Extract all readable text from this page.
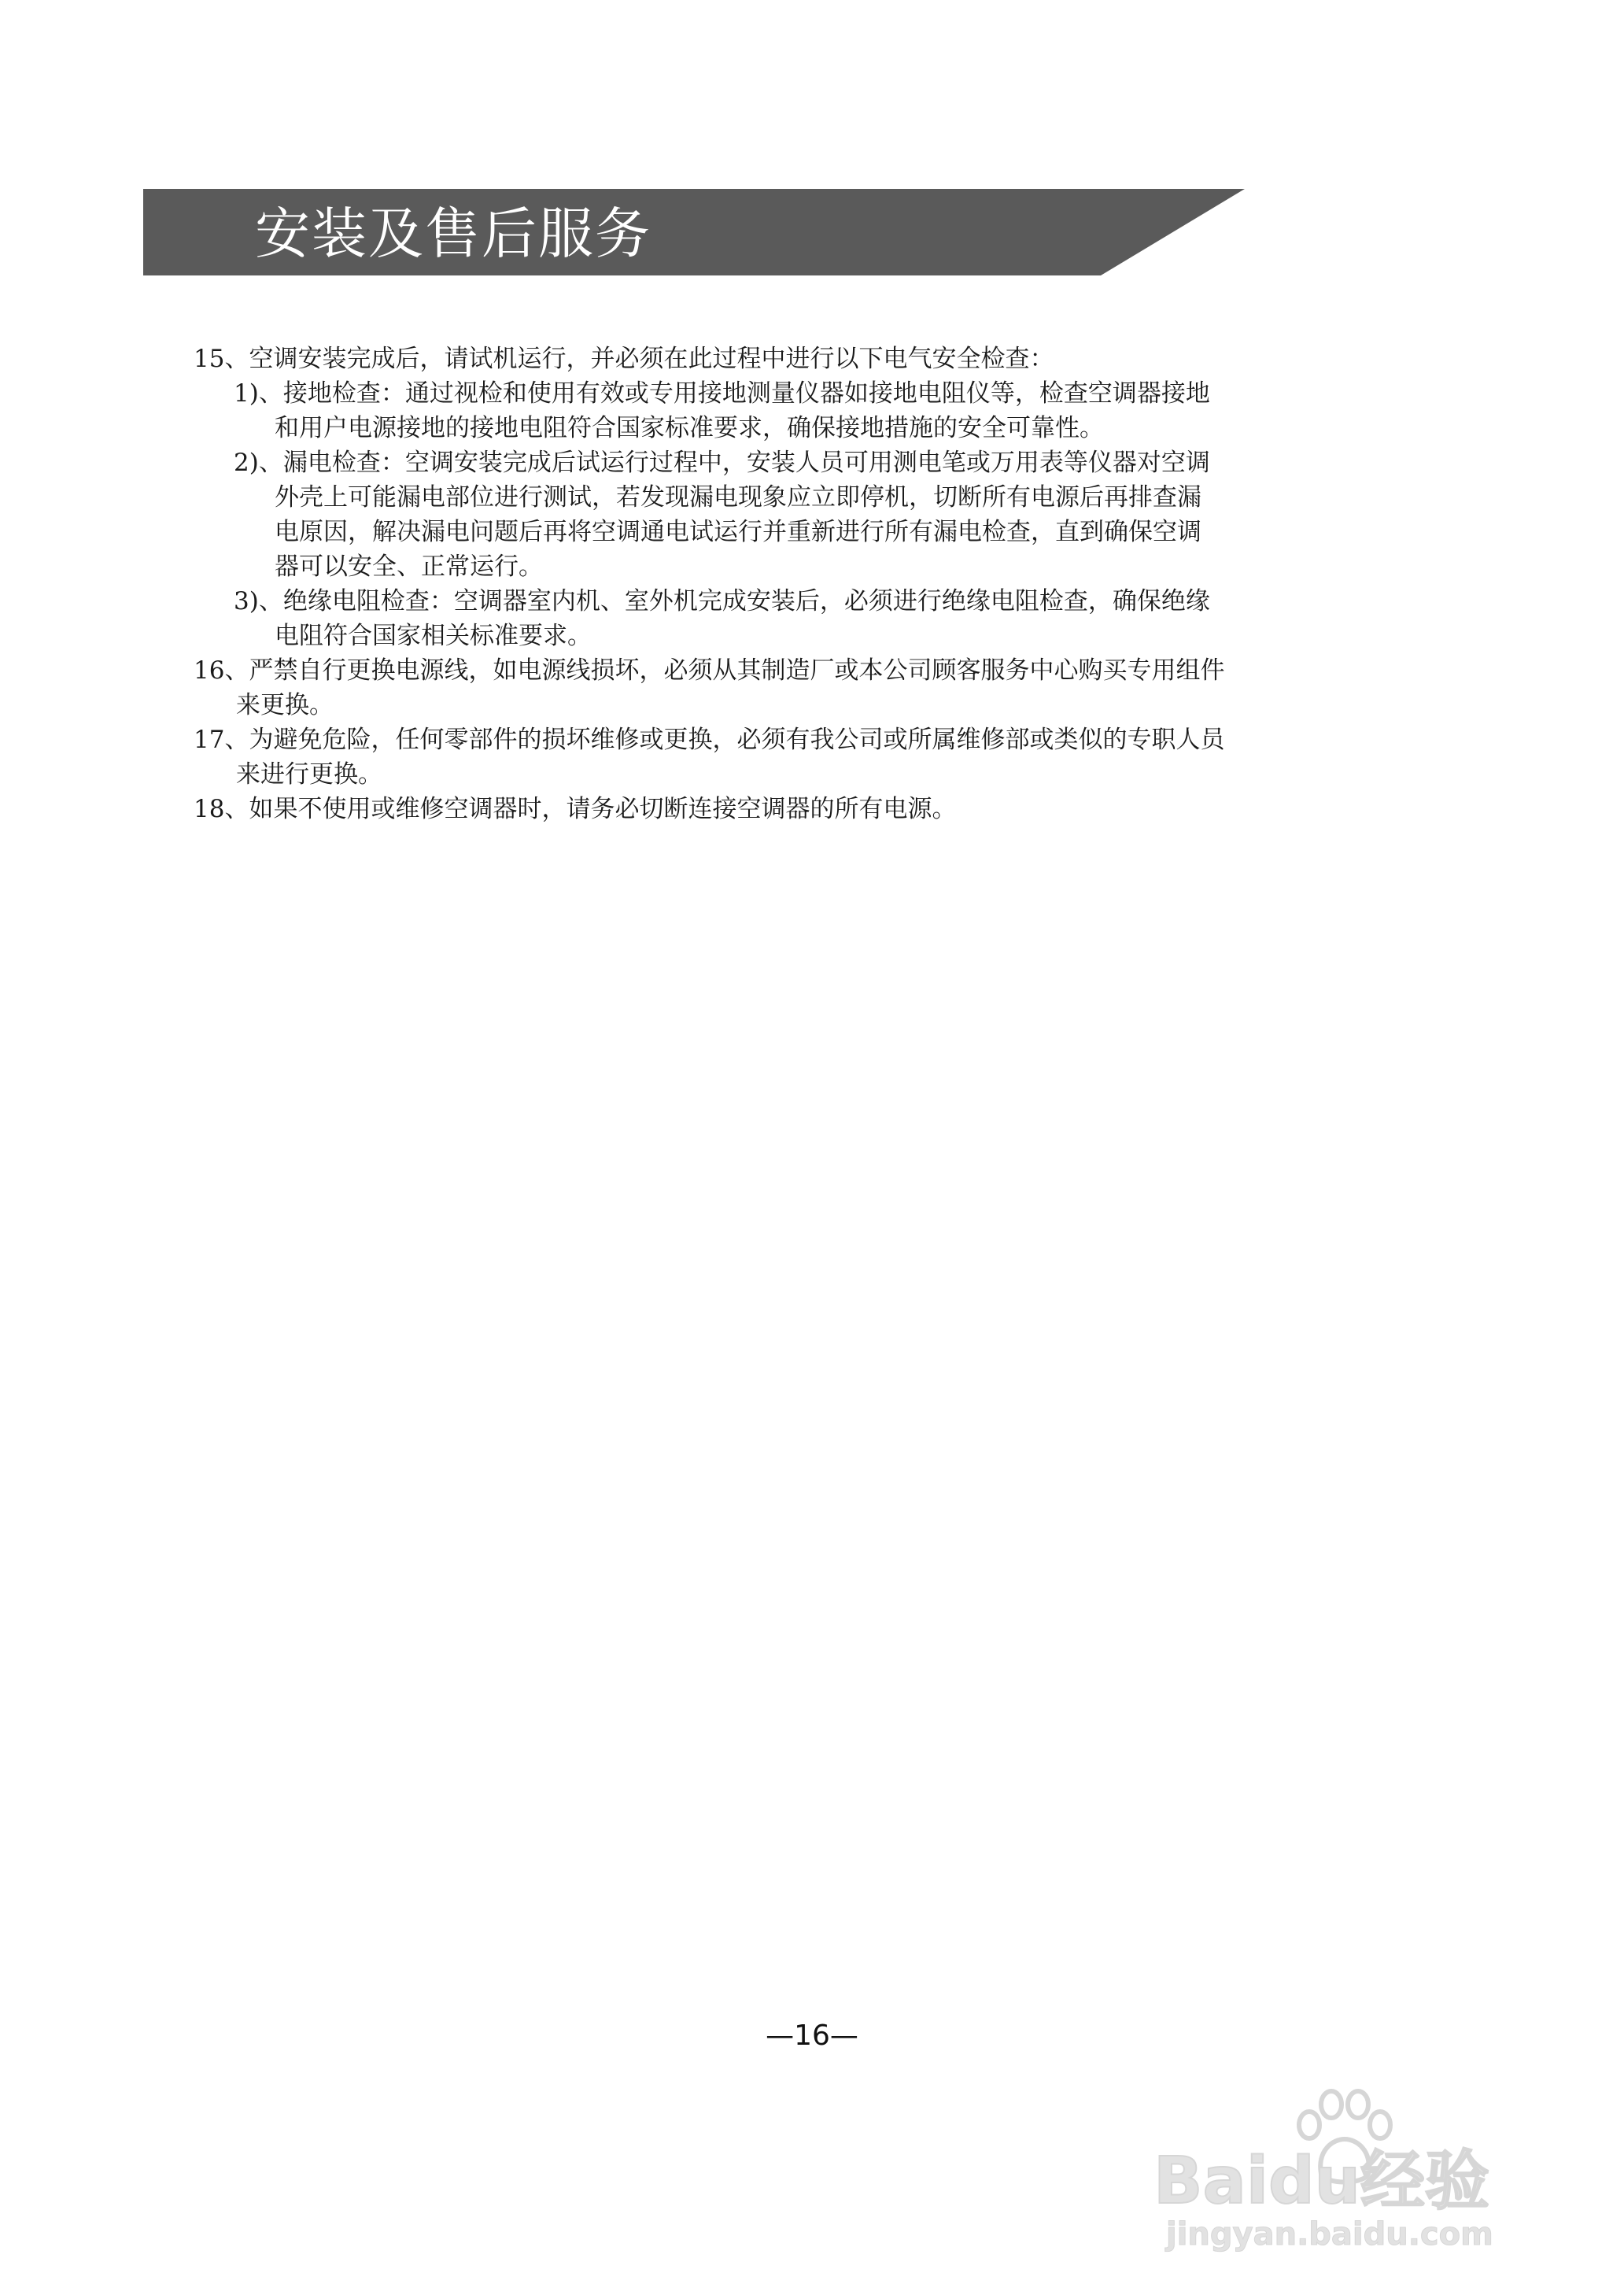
安装及售后服务

15、空调安装完成后，请试机运行，并必须在此过程中进行以下电气安全检查：

1)、接地检查：通过视检和使用有效或专用接地测量仪器如接地电阻仪等，检查空调器接地

和用户电源接地的接地电阻符合国家标准要求，确保接地措施的安全可靠性。

2)、漏电检查：空调安装完成后试运行过程中，安装人员可用测电笔或万用表等仪器对空调

外壳上可能漏电部位进行测试，若发现漏电现象应立即停机，切断所有电源后再排查漏

电原因，解决漏电问题后再将空调通电试运行并重新进行所有漏电检查，直到确保空调

器可以安全、正常运行。

3)、绝缘电阻检查：空调器室内机、室外机完成安装后，必须进行绝缘电阻检查，确保绝缘

电阻符合国家相关标准要求。

16、严禁自行更换电源线，如电源线损坏，必须从其制造厂或本公司顾客服务中心购买专用组件

来更换。

17、为避免危险，任何零部件的损坏维修或更换，必须有我公司或所属维修部或类似的专职人员

来进行更换。

18、如果不使用或维修空调器时，请务必切断连接空调器的所有电源。

—16—
Baidu经验
jingyan.baidu.com
